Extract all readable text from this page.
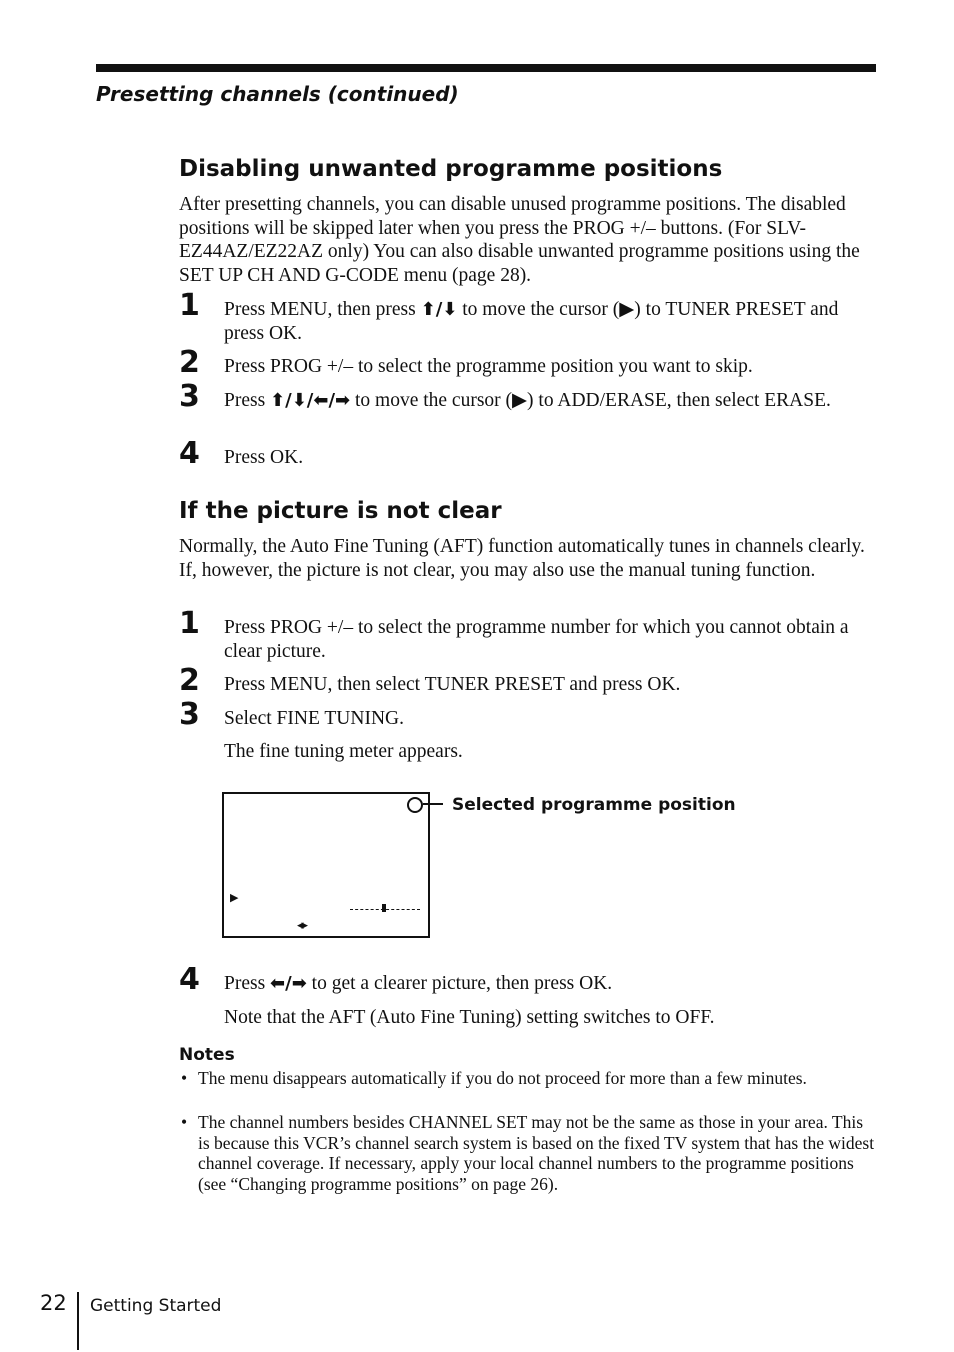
Presetting channels (continued)
Disabling unwanted programme positions
After presetting channels, you can disable unused programme positions. The disabled positions will be skipped later when you press the PROG +/– buttons. (For SLV-EZ44AZ/EZ22AZ only) You can also disable unwanted programme positions using the SET UP CH AND G-CODE menu (page 28).
1 Press MENU, then press ⬆/⬇ to move the cursor (▶) to TUNER PRESET and press OK.
2 Press PROG +/– to select the programme position you want to skip.
3 Press ⬆/⬇/⬅/➡ to move the cursor (▶) to ADD/ERASE, then select ERASE.
4 Press OK.
If the picture is not clear
Normally, the Auto Fine Tuning (AFT) function automatically tunes in channels clearly. If, however, the picture is not clear, you may also use the manual tuning function.
1 Press PROG +/– to select the programme number for which you cannot obtain a clear picture.
2 Press MENU, then select TUNER PRESET and press OK.
3 Select FINE TUNING.
The fine tuning meter appears.
▶
◂▸
Selected programme position
4 Press ⬅/➡ to get a clearer picture, then press OK.
Note that the AFT (Auto Fine Tuning) setting switches to OFF.
Notes
• The menu disappears automatically if you do not proceed for more than a few minutes.
• The channel numbers besides CHANNEL SET may not be the same as those in your area. This is because this VCR’s channel search system is based on the fixed TV system that has the widest channel coverage. If necessary, apply your local channel numbers to the programme positions (see “Changing programme positions” on page 26).
22 Getting Started
